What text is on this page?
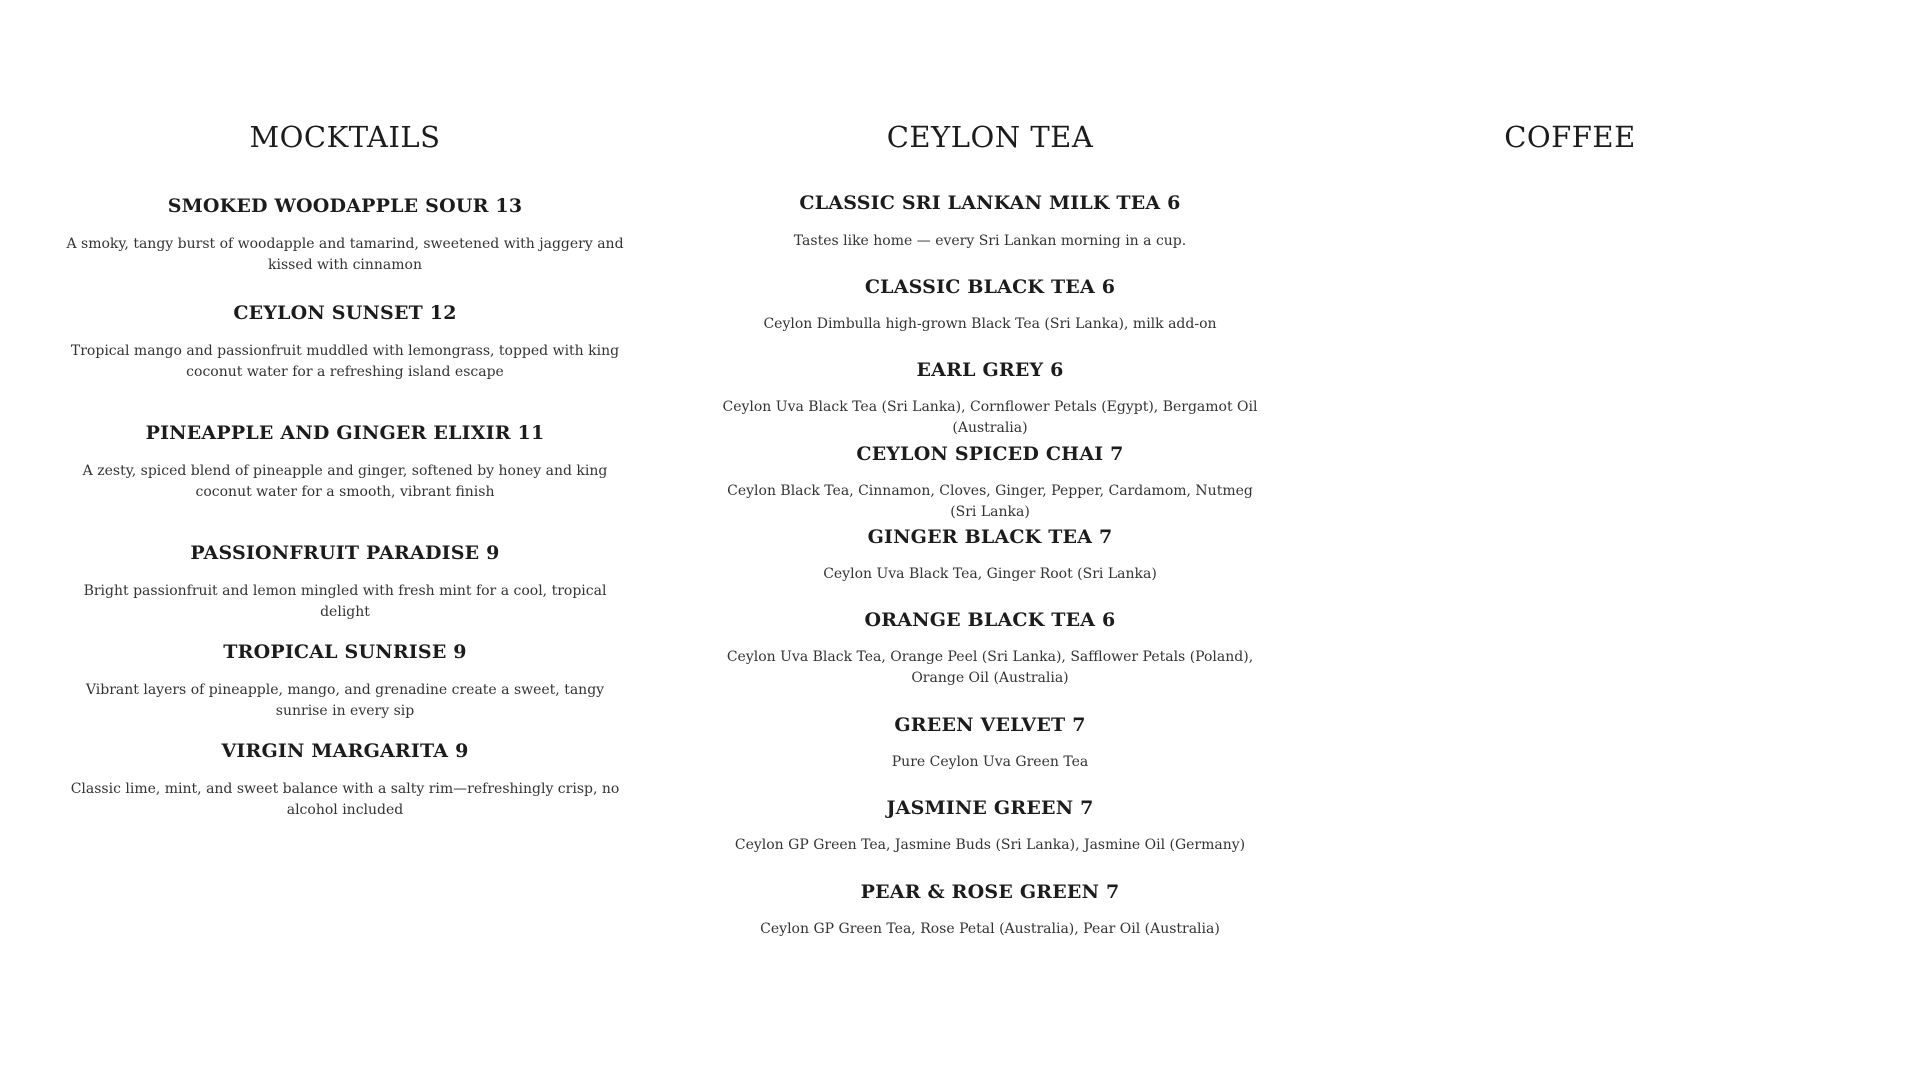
MOCKTAILS
SMOKED WOODAPPLE SOUR 13

A smoky, tangy burst of woodapple and tamarind, sweetened with jaggery and kissed with cinnamon

CEYLON SUNSET 12

Tropical mango and passionfruit muddled with lemongrass, topped with king coconut water for a refreshing island escape

PINEAPPLE AND GINGER ELIXIR 11

A zesty, spiced blend of pineapple and ginger, softened by honey and king coconut water for a smooth, vibrant finish

PASSIONFRUIT PARADISE 9

Bright passionfruit and lemon mingled with fresh mint for a cool, tropical delight

TROPICAL SUNRISE 9

Vibrant layers of pineapple, mango, and grenadine create a sweet, tangy sunrise in every sip

VIRGIN MARGARITA 9

Classic lime, mint, and sweet balance with a salty rim—refreshingly crisp, no alcohol included

CEYLON TEA
CLASSIC SRI LANKAN MILK TEA 6

Tastes like home — every Sri Lankan morning in a cup.

CLASSIC BLACK TEA 6

Ceylon Dimbulla high-grown Black Tea (Sri Lanka), milk add-on

EARL GREY 6

Ceylon Uva Black Tea (Sri Lanka), Cornflower Petals (Egypt), Bergamot Oil (Australia)

CEYLON SPICED CHAI 7

Ceylon Black Tea, Cinnamon, Cloves, Ginger, Pepper, Cardamom, Nutmeg (Sri Lanka)

GINGER BLACK TEA 7

Ceylon Uva Black Tea, Ginger Root (Sri Lanka)

ORANGE BLACK TEA 6

Ceylon Uva Black Tea, Orange Peel (Sri Lanka), Safflower Petals (Poland), Orange Oil (Australia)

GREEN VELVET 7

Pure Ceylon Uva Green Tea

JASMINE GREEN 7

Ceylon GP Green Tea, Jasmine Buds (Sri Lanka), Jasmine Oil (Germany)

PEAR & ROSE GREEN 7

Ceylon GP Green Tea, Rose Petal (Australia), Pear Oil (Australia)

COFFEE
